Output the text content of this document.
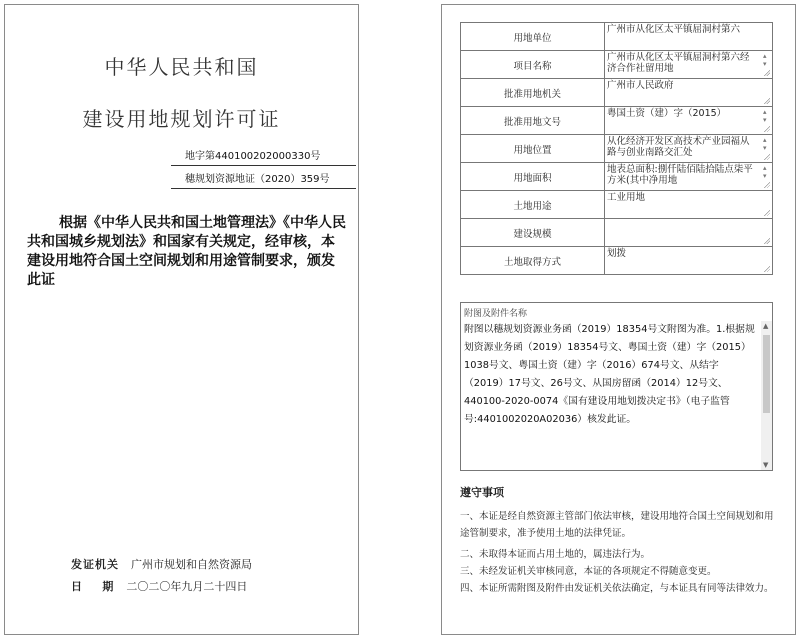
中华人民共和国
建设用地规划许可证
地字第440100202000330号
穗规划资源地证（2020）359号
根据《中华人民共和国土地管理法》《中华人民共和国城乡规划法》和国家有关规定，经审核，本建设用地符合国土空间规划和用途管制要求，颁发此证
发证机关 广州市规划和自然资源局
日    期 二〇二〇年九月二十四日
用地单位	广州市从化区太平镇屈洞村第六
项目名称	广州市从化区太平镇屈洞村第六经济合作社留用地
▴ ▾

批准用地机关	广州市人民政府

批准用地文号	粤国土资（建）字（2015）
▴ ▾

用地位置	从化经济开发区高技术产业园福从路与创业南路交汇处
▴ ▾

用地面积	地表总面积:捌仟陆佰陆拾陆点柒平方米(其中净用地
▴ ▾

土地用途	工业用地

建设规模	

土地取得方式	划拨
附图及附件名称
附图以穗规划资源业务函（2019）18354号文附图为准。1.根据规划资源业务函（2019）18354号文、粤国土资（建）字（2015）1038号文、粤国土资（建）字（2016）674号文、从结字（2019）17号文、26号文、从国房留函（2014）12号文、440100-2020-0074《国有建设用地划拨决定书》（电子监管号:4401002020A02036）核发此证。
▲
▼
遵守事项
一、本证是经自然资源主管部门依法审核，建设用地符合国土空间规划和用途管制要求，准予使用土地的法律凭证。
二、未取得本证而占用土地的，属违法行为。
三、未经发证机关审核同意，本证的各项规定不得随意变更。
四、本证所需附图及附件由发证机关依法确定，与本证具有同等法律效力。
